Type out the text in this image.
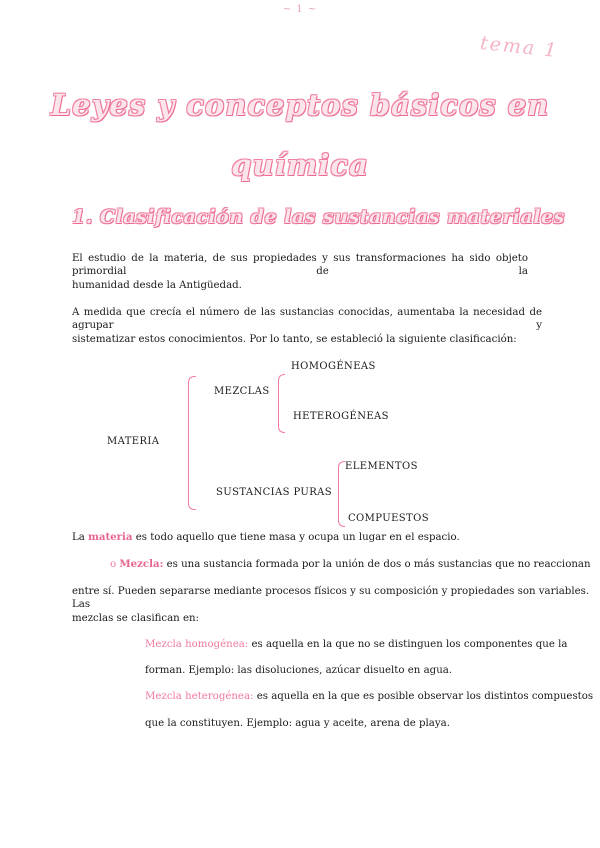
~ 1 ~
tema 1
Leyes y conceptos básicos en
química
1. Clasificación de las sustancias materiales
El estudio de la materia, de sus propiedades y sus transformaciones ha sido objeto primordial de la
humanidad desde la Antigüedad.
A medida que crecía el número de las sustancias conocidas, aumentaba la necesidad de agrupar y
sistematizar estos conocimientos. Por lo tanto, se estableció la siguiente clasificación:
MATERIA
MEZCLAS
HOMOGÉNEAS
HETEROGÉNEAS
SUSTANCIAS PURAS
ELEMENTOS
COMPUESTOS
La materia es todo aquello que tiene masa y ocupa un lugar en el espacio.
o Mezcla: es una sustancia formada por la unión de dos o más sustancias que no reaccionan
entre sí. Pueden separarse mediante procesos físicos y su composición y propiedades son variables. Las
mezclas se clasifican en:
Mezcla homogénea: es aquella en la que no se distinguen los componentes que la
forman. Ejemplo: las disoluciones, azúcar disuelto en agua.
Mezcla heterogénea: es aquella en la que es posible observar los distintos compuestos
que la constituyen. Ejemplo: agua y aceite, arena de playa.
